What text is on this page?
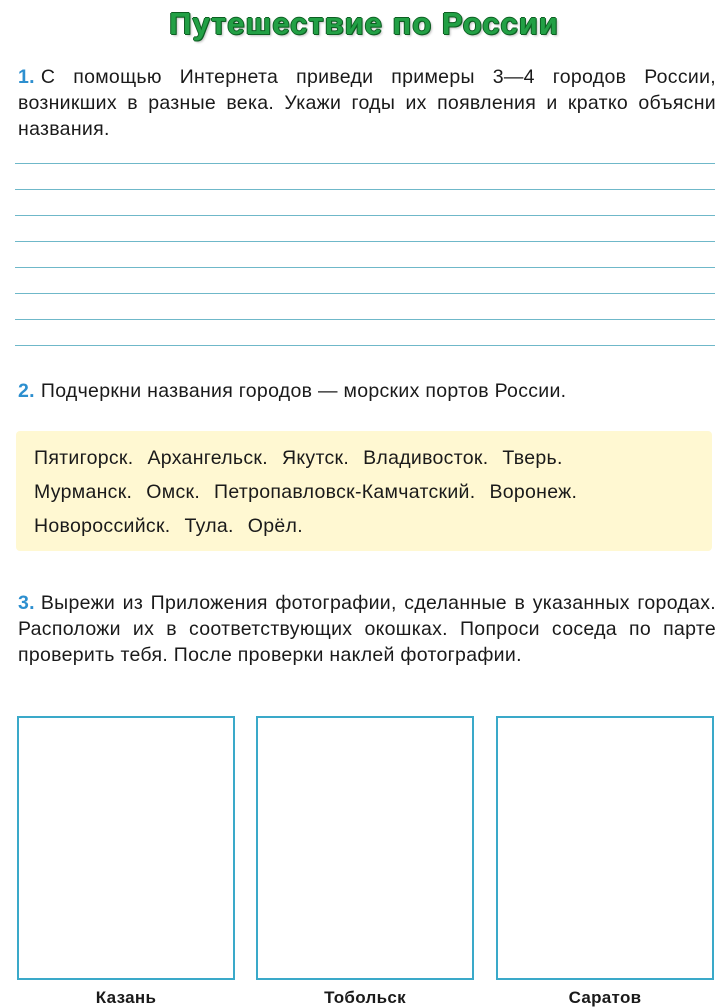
Путешествие по России
1. С помощью Интернета приведи примеры 3—4 городов России, возникших в разные века. Укажи годы их появления и кратко объясни названия.
2. Подчеркни названия городов — морских портов России.
Пятигорск. Архангельск. Якутск. Владивосток. Тверь.
Мурманск. Омск. Петропавловск-Камчатский. Воронеж.
Новороссийск. Тула. Орёл.
3. Вырежи из Приложения фотографии, сделанные в указанных городах. Расположи их в соответствующих окошках. Попроси соседа по парте проверить тебя. После проверки наклей фотографии.
Казань	Тобольск	Саратов
